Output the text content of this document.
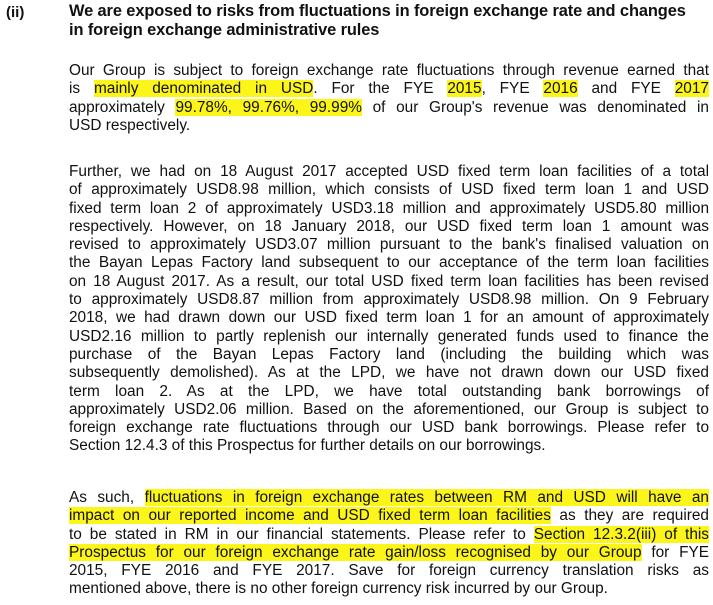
(ii)	We are exposed to risks from fluctuations in foreign exchange rate and changes
in foreign exchange administrative rules
Our Group is subject to foreign exchange rate fluctuations through revenue earned that
is mainly denominated in USD. For the FYE 2015, FYE 2016 and FYE 2017
approximately 99.78%, 99.76%, 99.99% of our Group's revenue was denominated in
USD respectively.
Further, we had on 18 August 2017 accepted USD fixed term loan facilities of a total
of approximately USD8.98 million, which consists of USD fixed term loan 1 and USD
fixed term loan 2 of approximately USD3.18 million and approximately USD5.80 million
respectively. However, on 18 January 2018, our USD fixed term loan 1 amount was
revised to approximately USD3.07 million pursuant to the bank's finalised valuation on
the Bayan Lepas Factory land subsequent to our acceptance of the term loan facilities
on 18 August 2017. As a result, our total USD fixed term loan facilities has been revised
to approximately USD8.87 million from approximately USD8.98 million. On 9 February
2018, we had drawn down our USD fixed term loan 1 for an amount of approximately
USD2.16 million to partly replenish our internally generated funds used to finance the
purchase of the Bayan Lepas Factory land (including the building which was
subsequently demolished). As at the LPD, we have not drawn down our USD fixed
term loan 2. As at the LPD, we have total outstanding bank borrowings of
approximately USD2.06 million. Based on the aforementioned, our Group is subject to
foreign exchange rate fluctuations through our USD bank borrowings. Please refer to
Section 12.4.3 of this Prospectus for further details on our borrowings.
As such, fluctuations in foreign exchange rates between RM and USD will have an
impact on our reported income and USD fixed term loan facilities as they are required
to be stated in RM in our financial statements. Please refer to Section 12.3.2(iii) of this
Prospectus for our foreign exchange rate gain/loss recognised by our Group for FYE
2015, FYE 2016 and FYE 2017. Save for foreign currency translation risks as
mentioned above, there is no other foreign currency risk incurred by our Group.
